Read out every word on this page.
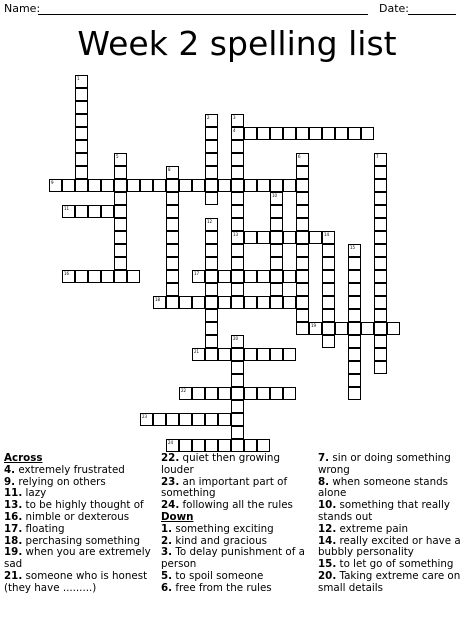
Name:	Date:
Week 2 spelling list
1
2	3
4
13
5	6	7
8
9
10
11
12
14
15
16	17
18
19
20
21
22
23
24
Across
4. extremely frustrated
9. relying on others
11. lazy
13. to be highly thought of
16. nimble or dexterous
17. floating
18. perchasing something
19. when you are extremely sad
21. someone who is honest (they have .........)
22. quiet then growing louder
23. an important part of something
24. following all the rules
Down
1. something exciting
2. kind and gracious
3. To delay punishment of a person
5. to spoil someone
6. free from the rules
7. sin or doing something wrong
8. when someone stands alone
10. something that really stands out
12. extreme pain
14. really excited or have a bubbly personality
15. to let go of something
20. Taking extreme care on small details
